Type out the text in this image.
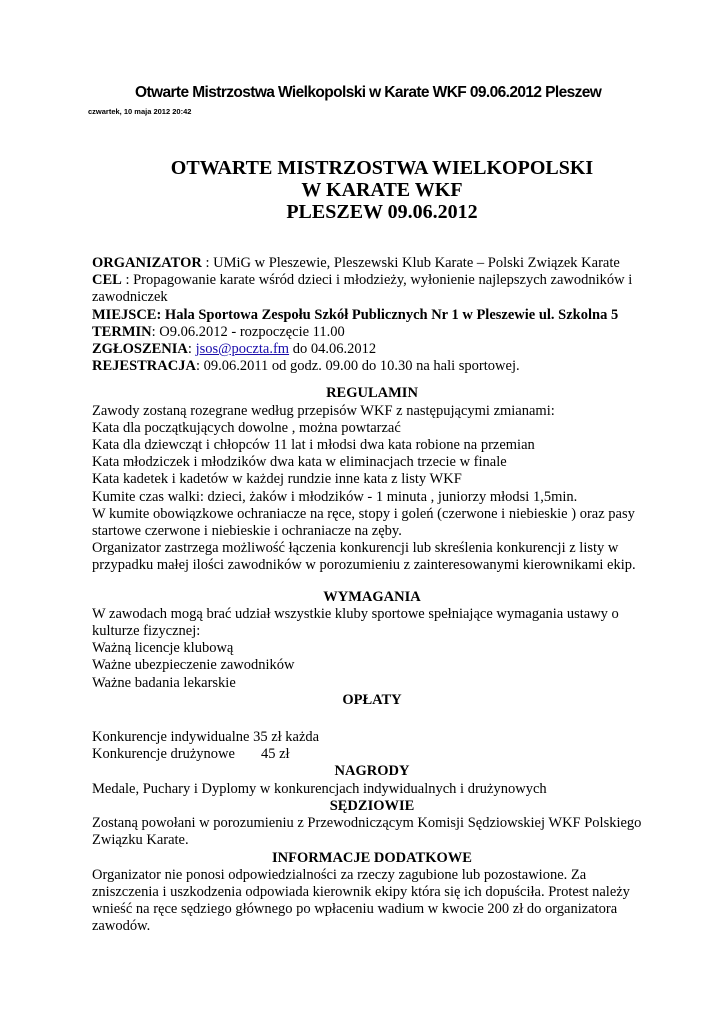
Otwarte Mistrzostwa Wielkopolski w Karate WKF 09.06.2012 Pleszew
czwartek, 10 maja 2012 20:42
OTWARTE MISTRZOSTWA WIELKOPOLSKI
W KARATE WKF
PLESZEW 09.06.2012

ORGANIZATOR : UMiG w Pleszewie, Pleszewski Klub Karate – Polski Związek Karate

CEL : Propagowanie karate wśród dzieci i młodzieży, wyłonienie najlepszych zawodników i zawodniczek

MIEJSCE: Hala Sportowa Zespołu Szkół Publicznych Nr 1 w Pleszewie ul. Szkolna 5

TERMIN: O9.06.2012 - rozpoczęcie 11.00

ZGŁOSZENIA: jsos@poczta.fm do 04.06.2012

REJESTRACJA: 09.06.2011 od godz. 09.00 do 10.30 na hali sportowej.

REGULAMIN

Zawody zostaną rozegrane według przepisów WKF z następującymi zmianami:

Kata dla początkujących dowolne , można powtarzać

Kata dla dziewcząt i chłopców 11 lat i młodsi dwa kata robione na przemian

Kata młodziczek i młodzików dwa kata w eliminacjach trzecie w finale

Kata kadetek i kadetów w każdej rundzie inne kata z listy WKF

Kumite czas walki: dzieci, żaków i młodzików - 1 minuta , juniorzy młodsi 1,5min.

W kumite obowiązkowe ochraniacze na ręce, stopy i goleń (czerwone i niebieskie ) oraz pasy startowe czerwone i niebieskie i ochraniacze na zęby.

Organizator zastrzega możliwość łączenia konkurencji lub skreślenia konkurencji z listy w przypadku małej ilości zawodników w porozumieniu z zainteresowanymi kierownikami ekip.

WYMAGANIA

W zawodach mogą brać udział wszystkie kluby sportowe spełniające wymagania ustawy o kulturze fizycznej:

Ważną licencje klubową

Ważne ubezpieczenie zawodników

Ważne badania lekarskie

OPŁATY

Konkurencje indywidualne 35 zł każda

Konkurencje drużynowe 45 zł

NAGRODY

Medale, Puchary i Dyplomy w konkurencjach indywidualnych i drużynowych

SĘDZIOWIE

Zostaną powołani w porozumieniu z Przewodniczącym Komisji Sędziowskiej WKF Polskiego Związku Karate.

INFORMACJE DODATKOWE

Organizator nie ponosi odpowiedzialności za rzeczy zagubione lub pozostawione. Za zniszczenia i uszkodzenia odpowiada kierownik ekipy która się ich dopuściła. Protest należy wnieść na ręce sędziego głównego po wpłaceniu wadium w kwocie 200 zł do organizatora zawodów.
